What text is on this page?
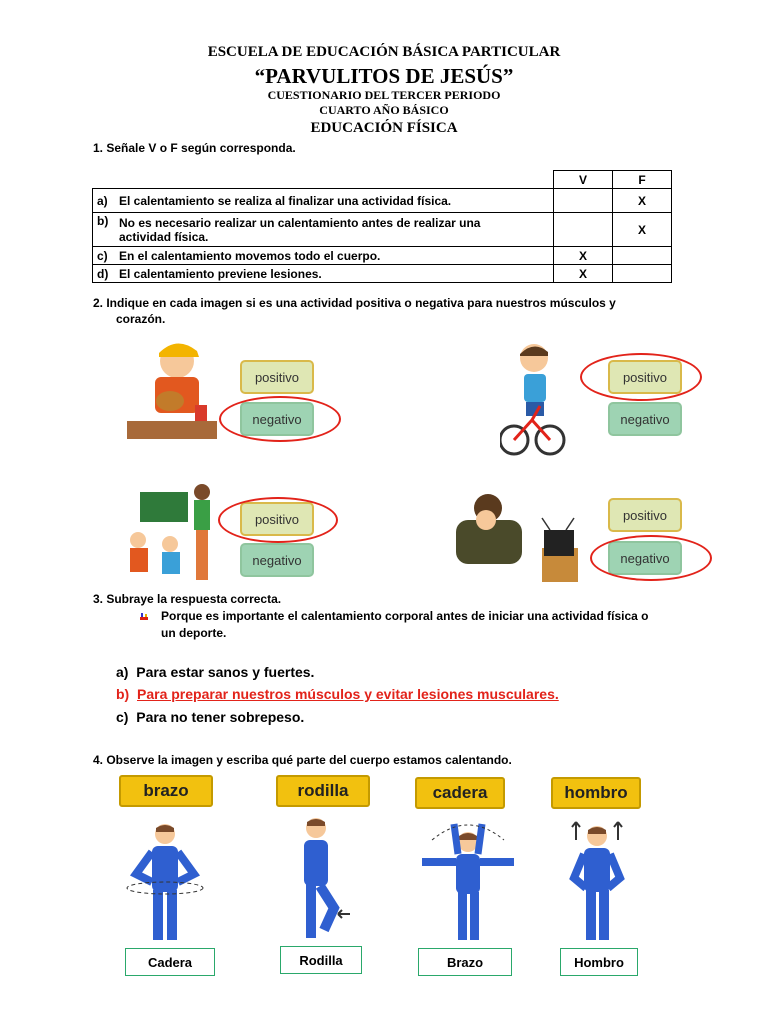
ESCUELA DE EDUCACIÓN BÁSICA PARTICULAR
“PARVULITOS DE JESÚS”
CUESTIONARIO DEL TERCER PERIODO
CUARTO AÑO BÁSICO
EDUCACIÓN FÍSICA
1. Señale V o F según corresponda.
		V	F
a)	El calentamiento se realiza al finalizar una actividad física.		X
b)	No es necesario realizar un calentamiento antes de realizar una
actividad física.		X
c)	En el calentamiento movemos todo el cuerpo.	X	
d)	El calentamiento previene lesiones.	X	
2. Indique en cada imagen si es una actividad positiva o negativa para nuestros músculos y
corazón.
positivo
negativo
positivo
negativo
positivo
negativo
positivo
negativo
3. Subraye la respuesta correcta.
Porque es importante el calentamiento corporal antes de iniciar una actividad física o
un deporte.
a) Para estar sanos y fuertes.
b) Para preparar nuestros músculos y evitar lesiones musculares.
c) Para no tener sobrepeso.
4. Observe la imagen y escriba qué parte del cuerpo estamos calentando.
brazo	rodilla	cadera	hombro
Cadera	Rodilla	Brazo	Hombro
